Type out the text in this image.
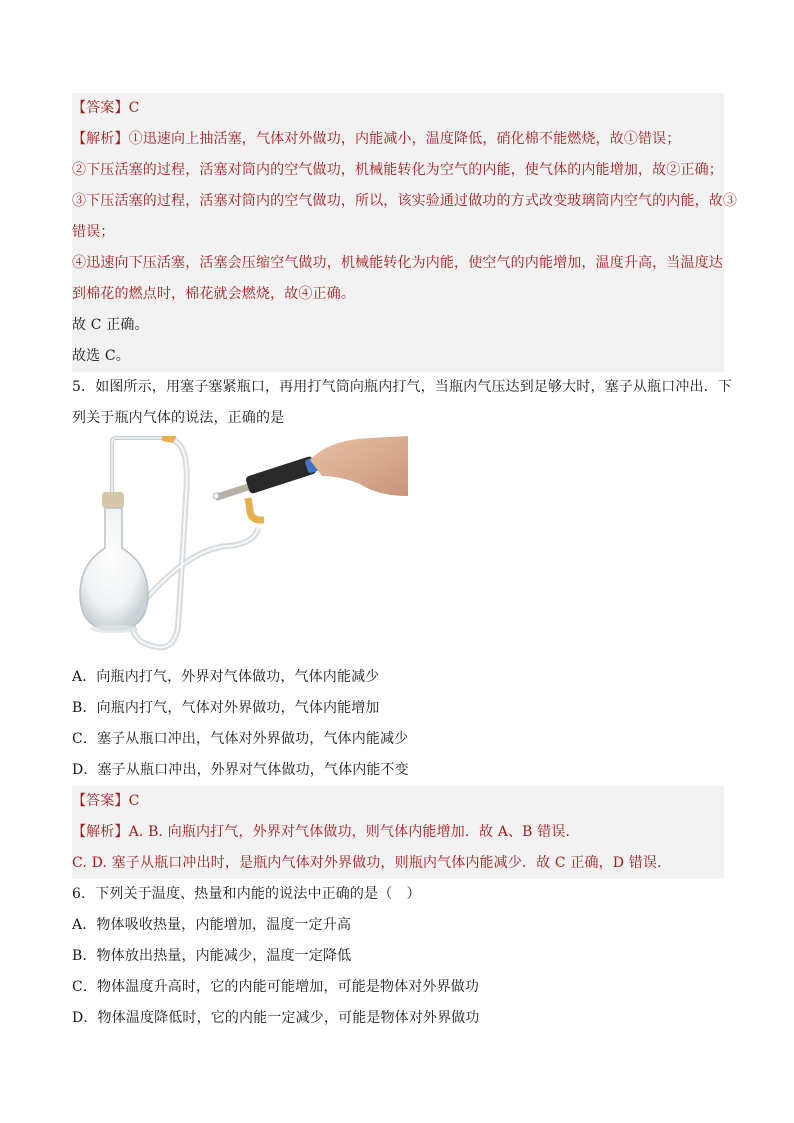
【答案】C
【解析】①迅速向上抽活塞，气体对外做功，内能减小，温度降低，硝化棉不能燃烧，故①错误；
②下压活塞的过程，活塞对筒内的空气做功，机械能转化为空气的内能，使气体的内能增加，故②正确；
③下压活塞的过程，活塞对筒内的空气做功，所以，该实验通过做功的方式改变玻璃筒内空气的内能，故③
错误；
④迅速向下压活塞，活塞会压缩空气做功，机械能转化为内能，使空气的内能增加，温度升高，当温度达
到棉花的燃点时，棉花就会燃烧，故④正确。
故 C 正确。
故选 C。
5．如图所示，用塞子塞紧瓶口，再用打气筒向瓶内打气，当瓶内气压达到足够大时，塞子从瓶口冲出．下
列关于瓶内气体的说法，正确的是
A．向瓶内打气，外界对气体做功，气体内能减少
B．向瓶内打气，气体对外界做功，气体内能增加
C．塞子从瓶口冲出，气体对外界做功，气体内能减少
D．塞子从瓶口冲出，外界对气体做功，气体内能不变
【答案】C
【解析】A. B. 向瓶内打气，外界对气体做功，则气体内能增加．故 A、B 错误．
C. D. 塞子从瓶口冲出时，是瓶内气体对外界做功，则瓶内气体内能减少．故 C 正确，D 错误．
6．下列关于温度、热量和内能的说法中正确的是（　）
A．物体吸收热量，内能增加，温度一定升高
B．物体放出热量，内能减少，温度一定降低
C．物体温度升高时，它的内能可能增加，可能是物体对外界做功
D．物体温度降低时，它的内能一定减少，可能是物体对外界做功
